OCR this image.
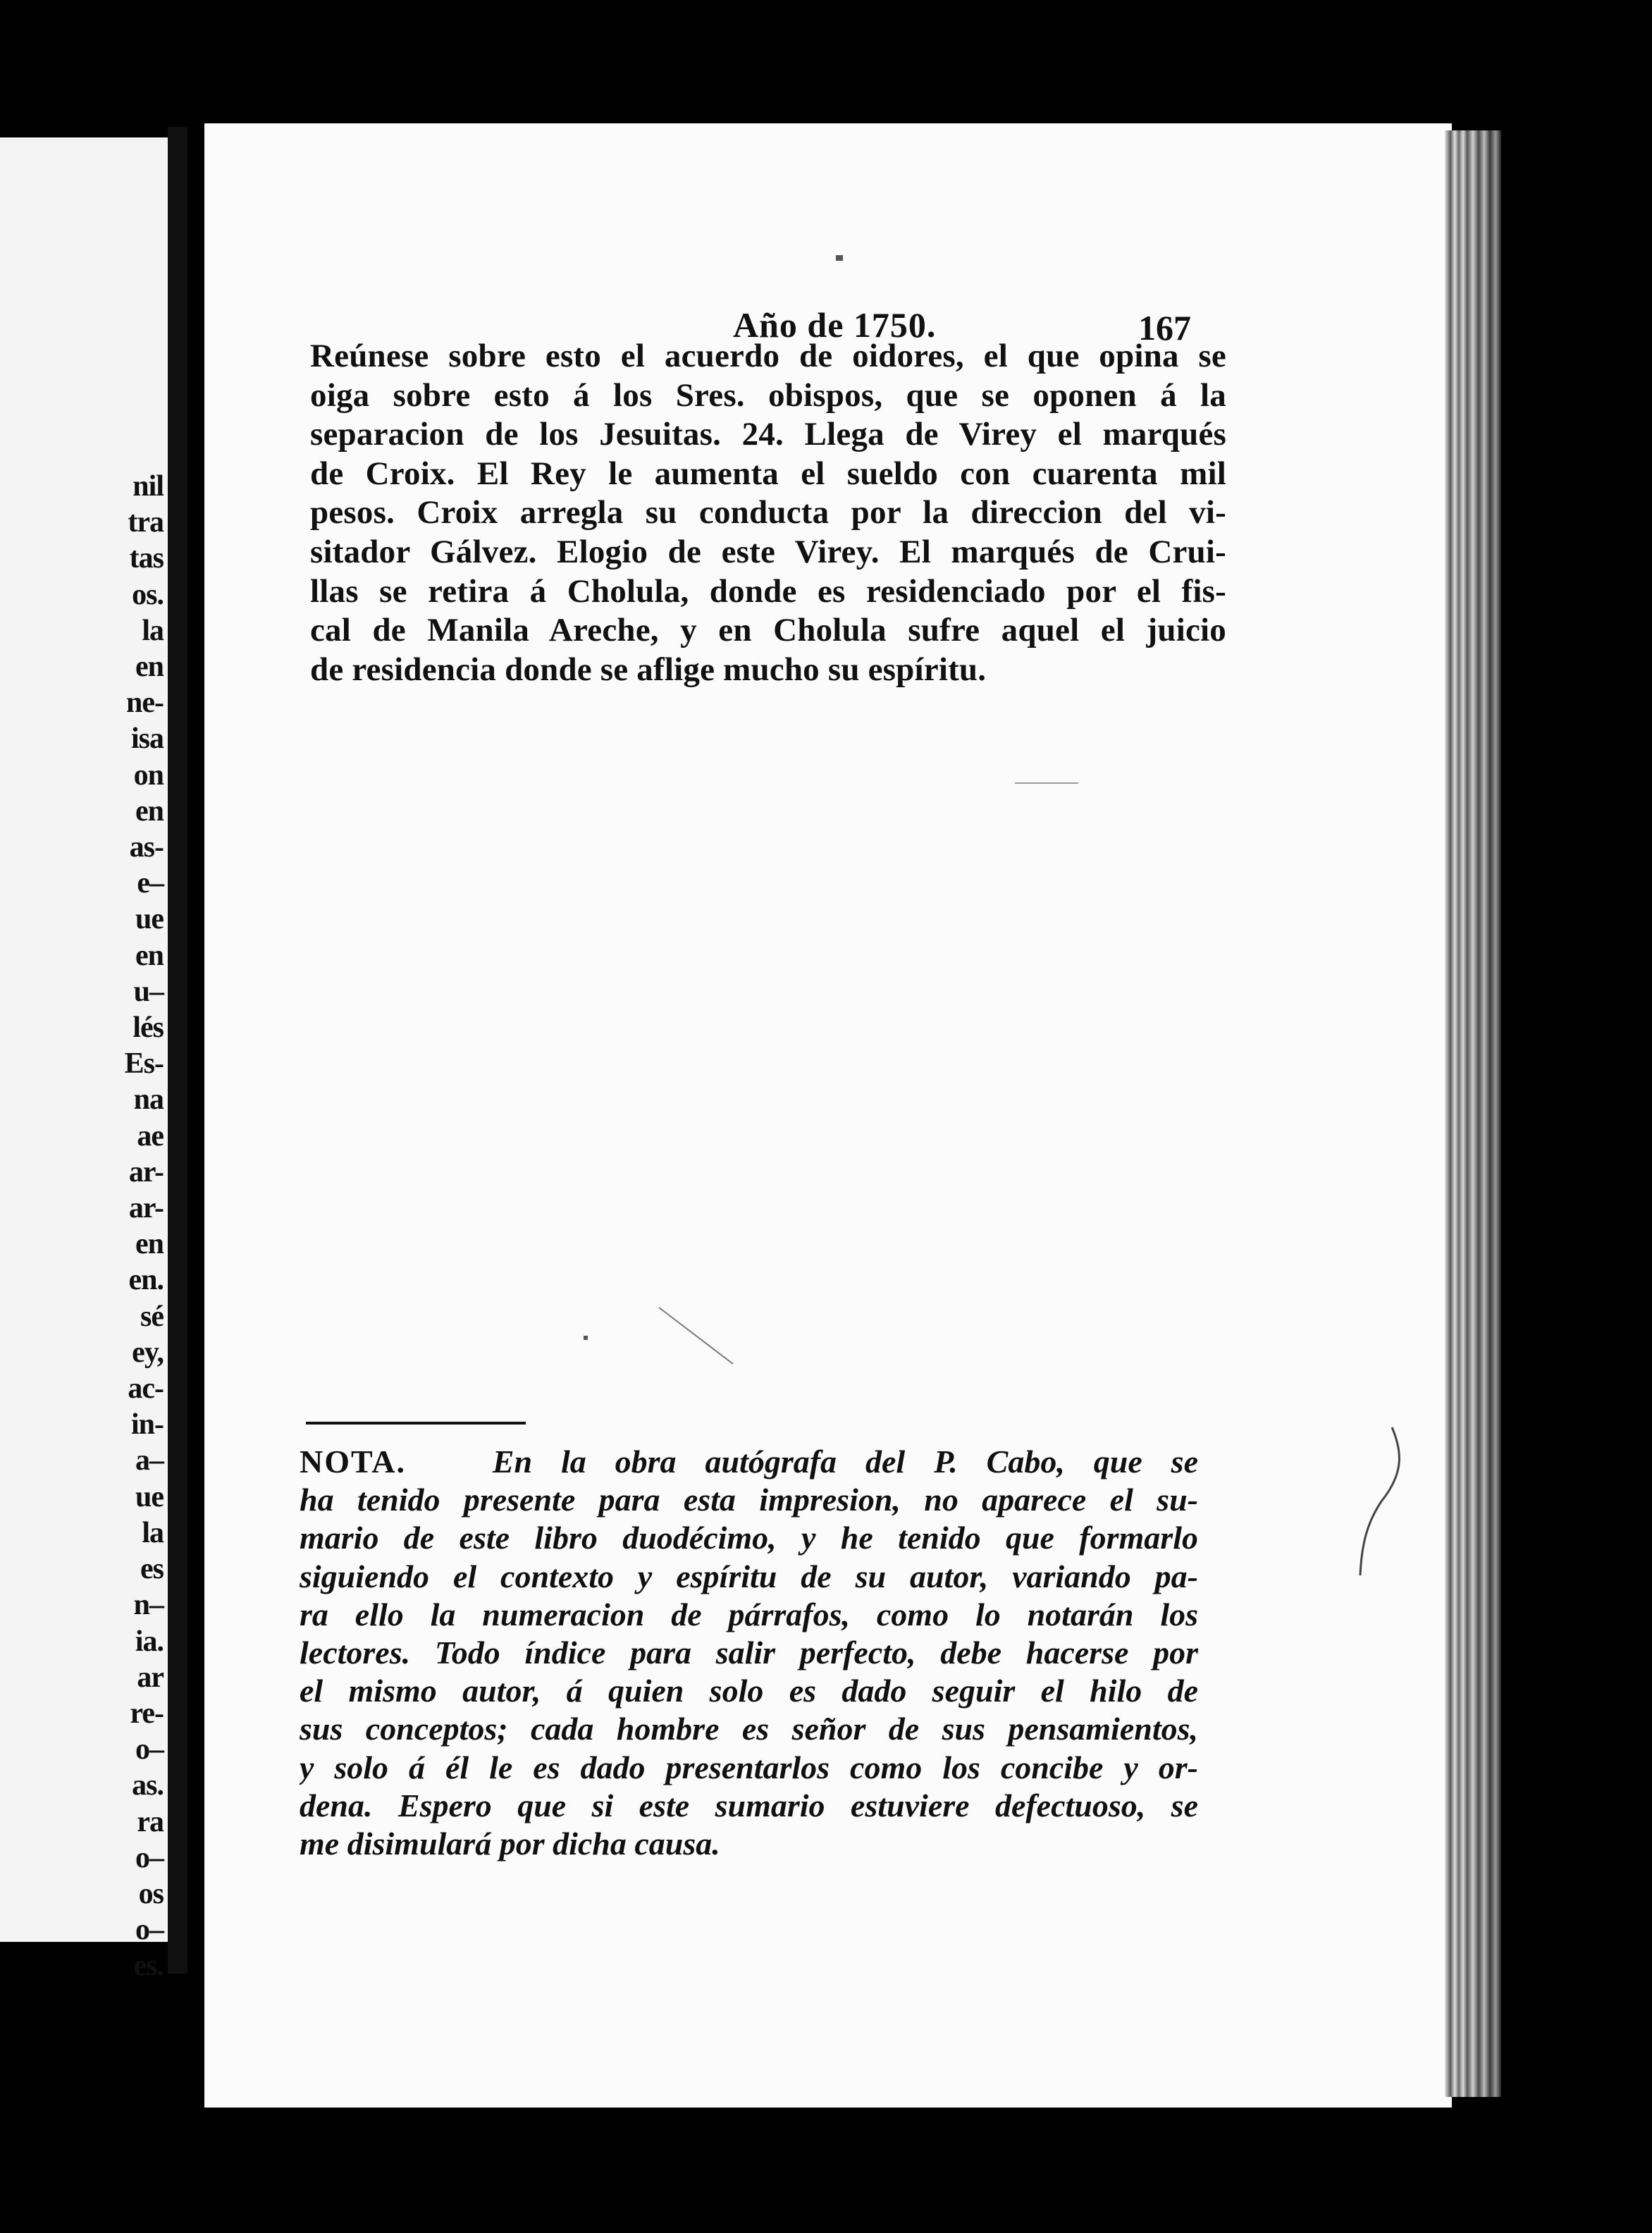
nil
tra
tas
os.
la
en
ne-
isa
on
en
as-
e–
ue
en
u–
lés
Es-
na
ae
ar-
ar-
en
en.
sé
ey,
ac-
in-
a–
ue
la
es
n–
ia.
ar
re-
o–
as.
ra
o–
os
o–
es.
Año de 1750.	167
Reúnese sobre esto el acuerdo de oidores, el que opina se
oiga sobre esto á los Sres. obispos, que se oponen á la
separacion de los Jesuitas. 24. Llega de Virey el marqués
de Croix. El Rey le aumenta el sueldo con cuarenta mil
pesos. Croix arregla su conducta por la direccion del vi-
sitador Gálvez. Elogio de este Virey. El marqués de Crui-
llas se retira á Cholula, donde es residenciado por el fis-
cal de Manila Areche, y en Cholula sufre aquel el juicio
de residencia donde se aflige mucho su espíritu.
NOTA.	En la obra autógrafa del P. Cabo, que se
ha tenido presente para esta impresion, no aparece el su-
mario de este libro duodécimo, y he tenido que formarlo
siguiendo el contexto y espíritu de su autor, variando pa-
ra ello la numeracion de párrafos, como lo notarán los
lectores. Todo índice para salir perfecto, debe hacerse por
el mismo autor, á quien solo es dado seguir el hilo de
sus conceptos; cada hombre es señor de sus pensamientos,
y solo á él le es dado presentarlos como los concibe y or-
dena. Espero que si este sumario estuviere defectuoso, se
me disimulará por dicha causa.
